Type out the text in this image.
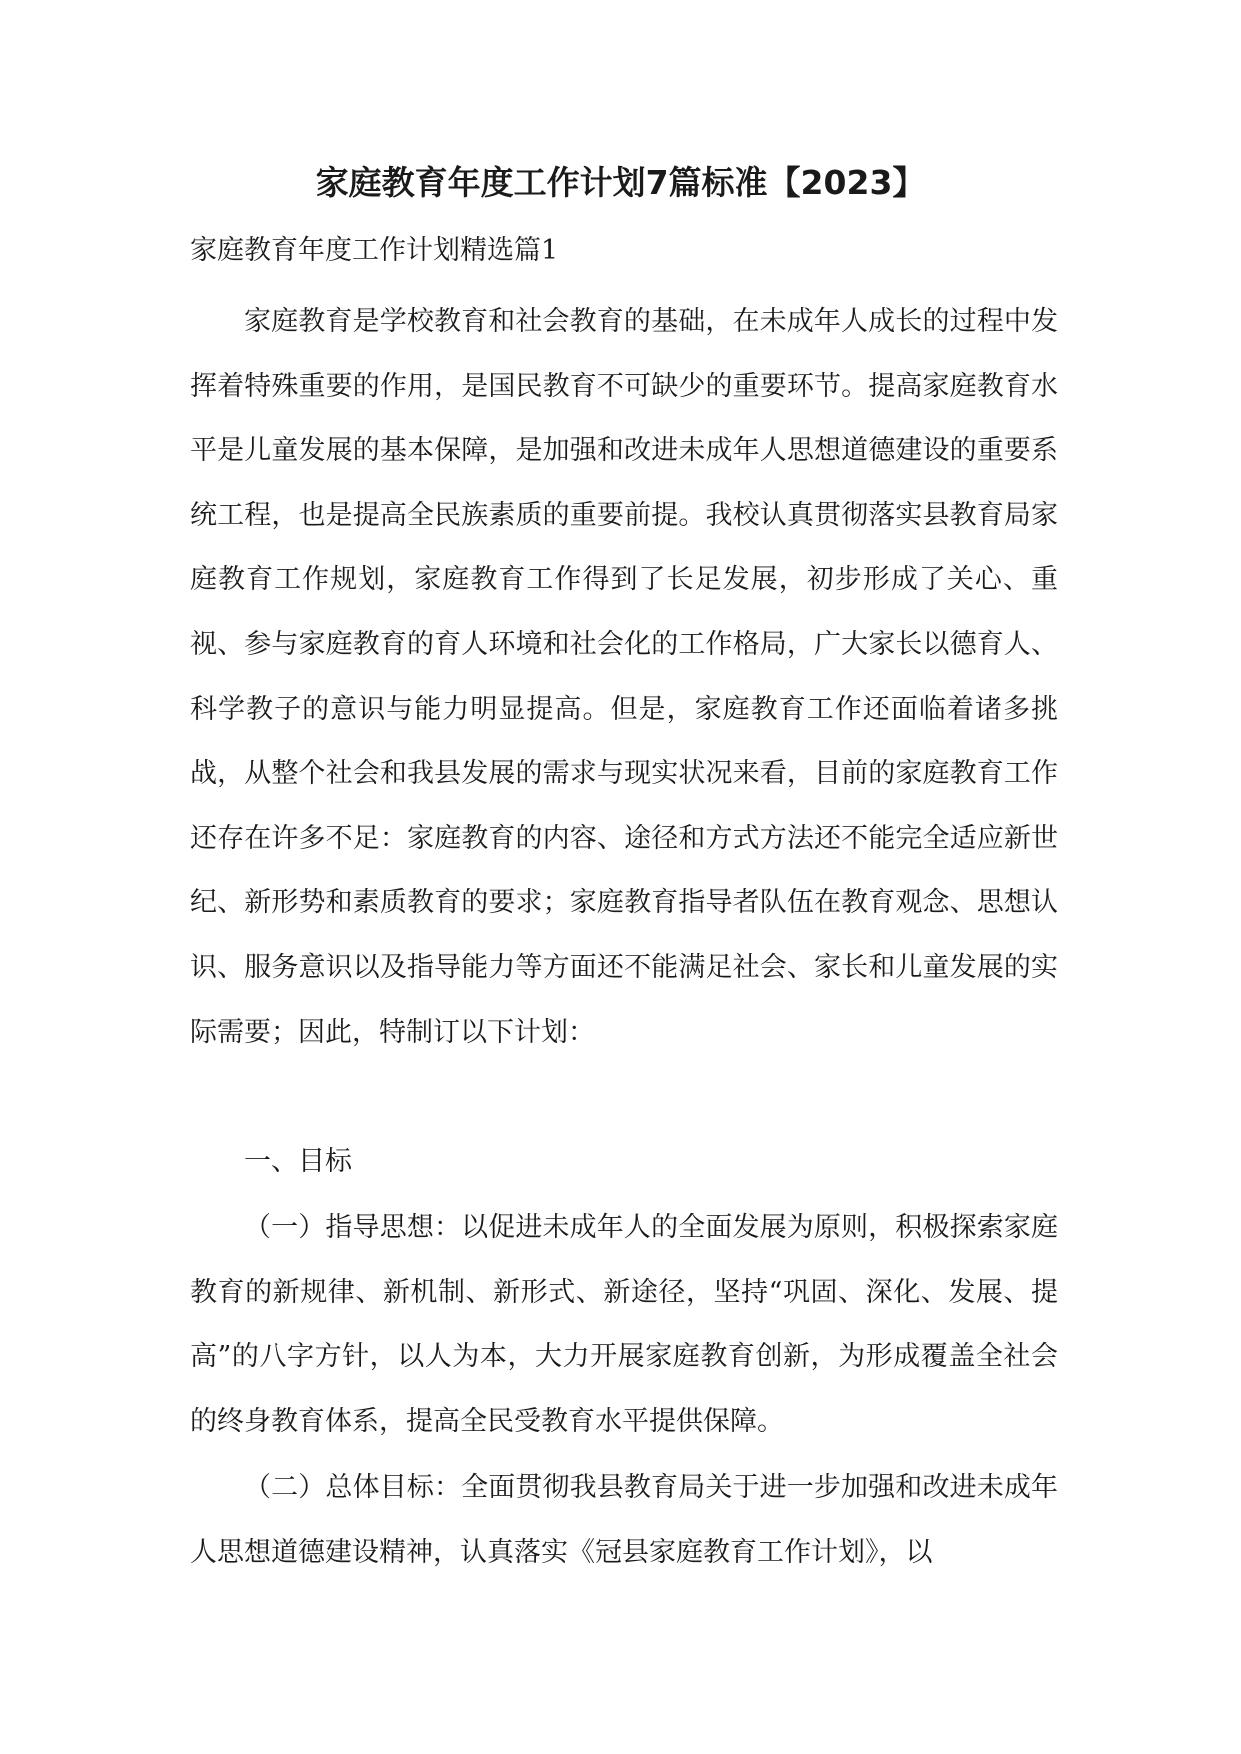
家庭教育年度工作计划7篇标准【2023】

家庭教育年度工作计划精选篇1

家庭教育是学校教育和社会教育的基础，在未成年人成长的过程中发挥着特殊重要的作用，是国民教育不可缺少的重要环节。提高家庭教育水平是儿童发展的基本保障，是加强和改进未成年人思想道德建设的重要系统工程，也是提高全民族素质的重要前提。我校认真贯彻落实县教育局家庭教育工作规划，家庭教育工作得到了长足发展，初步形成了关心、重视、参与家庭教育的育人环境和社会化的工作格局，广大家长以德育人、科学教子的意识与能力明显提高。但是，家庭教育工作还面临着诸多挑战，从整个社会和我县发展的需求与现实状况来看，目前的家庭教育工作还存在许多不足：家庭教育的内容、途径和方式方法还不能完全适应新世纪、新形势和素质教育的要求；家庭教育指导者队伍在教育观念、思想认识、服务意识以及指导能力等方面还不能满足社会、家长和儿童发展的实际需要；因此，特制订以下计划：

一、目标

（一）指导思想：以促进未成年人的全面发展为原则，积极探索家庭教育的新规律、新机制、新形式、新途径，坚持“巩固、深化、发展、提高”的八字方针，以人为本，大力开展家庭教育创新，为形成覆盖全社会的终身教育体系，提高全民受教育水平提供保障。

（二）总体目标：全面贯彻我县教育局关于进一步加强和改进未成年人思想道德建设精神，认真落实《冠县家庭教育工作计划》，以
